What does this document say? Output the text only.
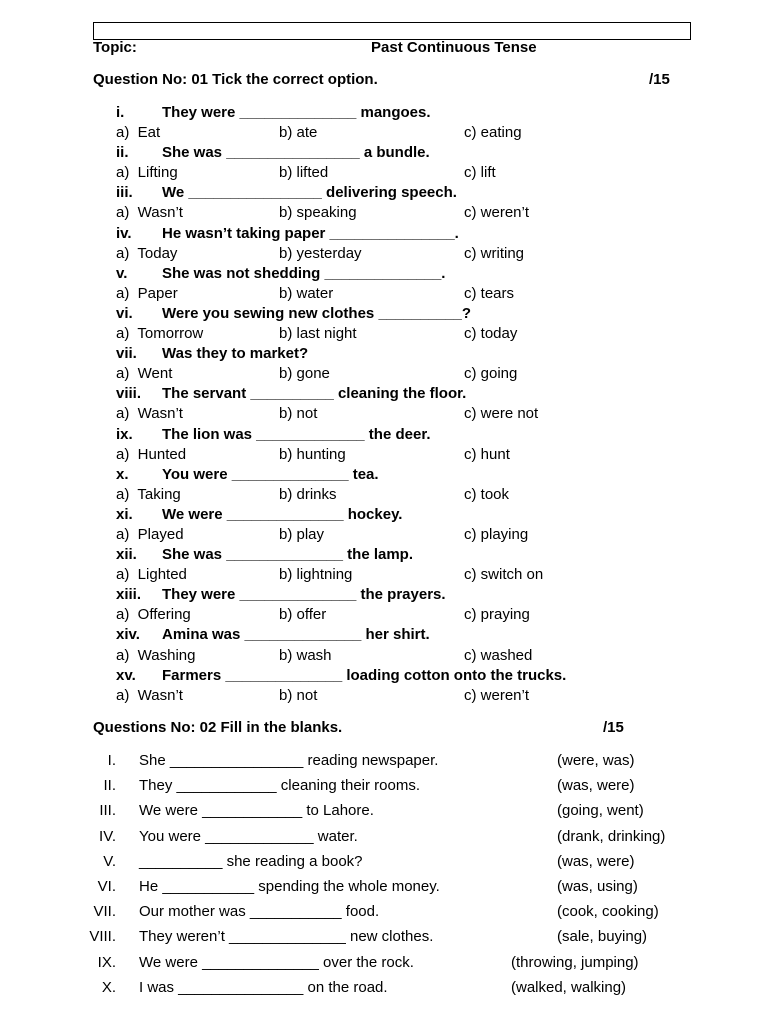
Topic:	Past Continuous Tense
Question No: 01 Tick the correct option.	/15
i.	They were ______________ mangoes.
a)  Eat	b) ate	c) eating
ii. She was ________________ a bundle.
a)  Lifting	b) lifted	c) lift
iii. We ________________ delivering speech.
a)  Wasn’t	b) speaking	c) weren’t
iv. He wasn’t taking paper _______________.
a)  Today	b) yesterday	c) writing
v. She was not shedding ______________.
a)  Paper	b) water	c) tears
vi. Were you sewing new clothes __________?
a)  Tomorrow	b) last night	c) today
vii. Was they to market?
a)  Went	b) gone	c) going
viii. The servant __________ cleaning the floor.
a)  Wasn’t	b) not	c) were not
ix. The lion was _____________ the deer.
a)  Hunted	b) hunting	c) hunt
x. You were ______________ tea.
a)  Taking	b) drinks	c) took
xi. We were ______________ hockey.
a)  Played	b) play	c) playing
xii. She was ______________ the lamp.
a)  Lighted	b) lightning	c) switch on
xiii. They were ______________ the prayers.
a)  Offering	b) offer	c) praying
xiv. Amina was ______________ her shirt.
a)  Washing	b) wash	c) washed
xv. Farmers ______________ loading cotton onto the trucks.
a)  Wasn’t	b) not	c) weren’t
Questions No: 02 Fill in the blanks.	/15
I. She ________________ reading newspaper.	(were, was)
II. They ____________ cleaning their rooms.	(was, were)
III. We were ____________ to Lahore.	(going, went)
IV. You were _____________ water.	(drank, drinking)
V. __________ she reading a book?	(was, were)
VI. He ___________ spending the whole money.	(was, using)
VII. Our mother was ___________ food.	(cook, cooking)
VIII. They weren’t ______________ new clothes.	(sale, buying)
IX. We were ______________ over the rock.	(throwing, jumping)
X. I was _______________ on the road.	(walked, walking)
